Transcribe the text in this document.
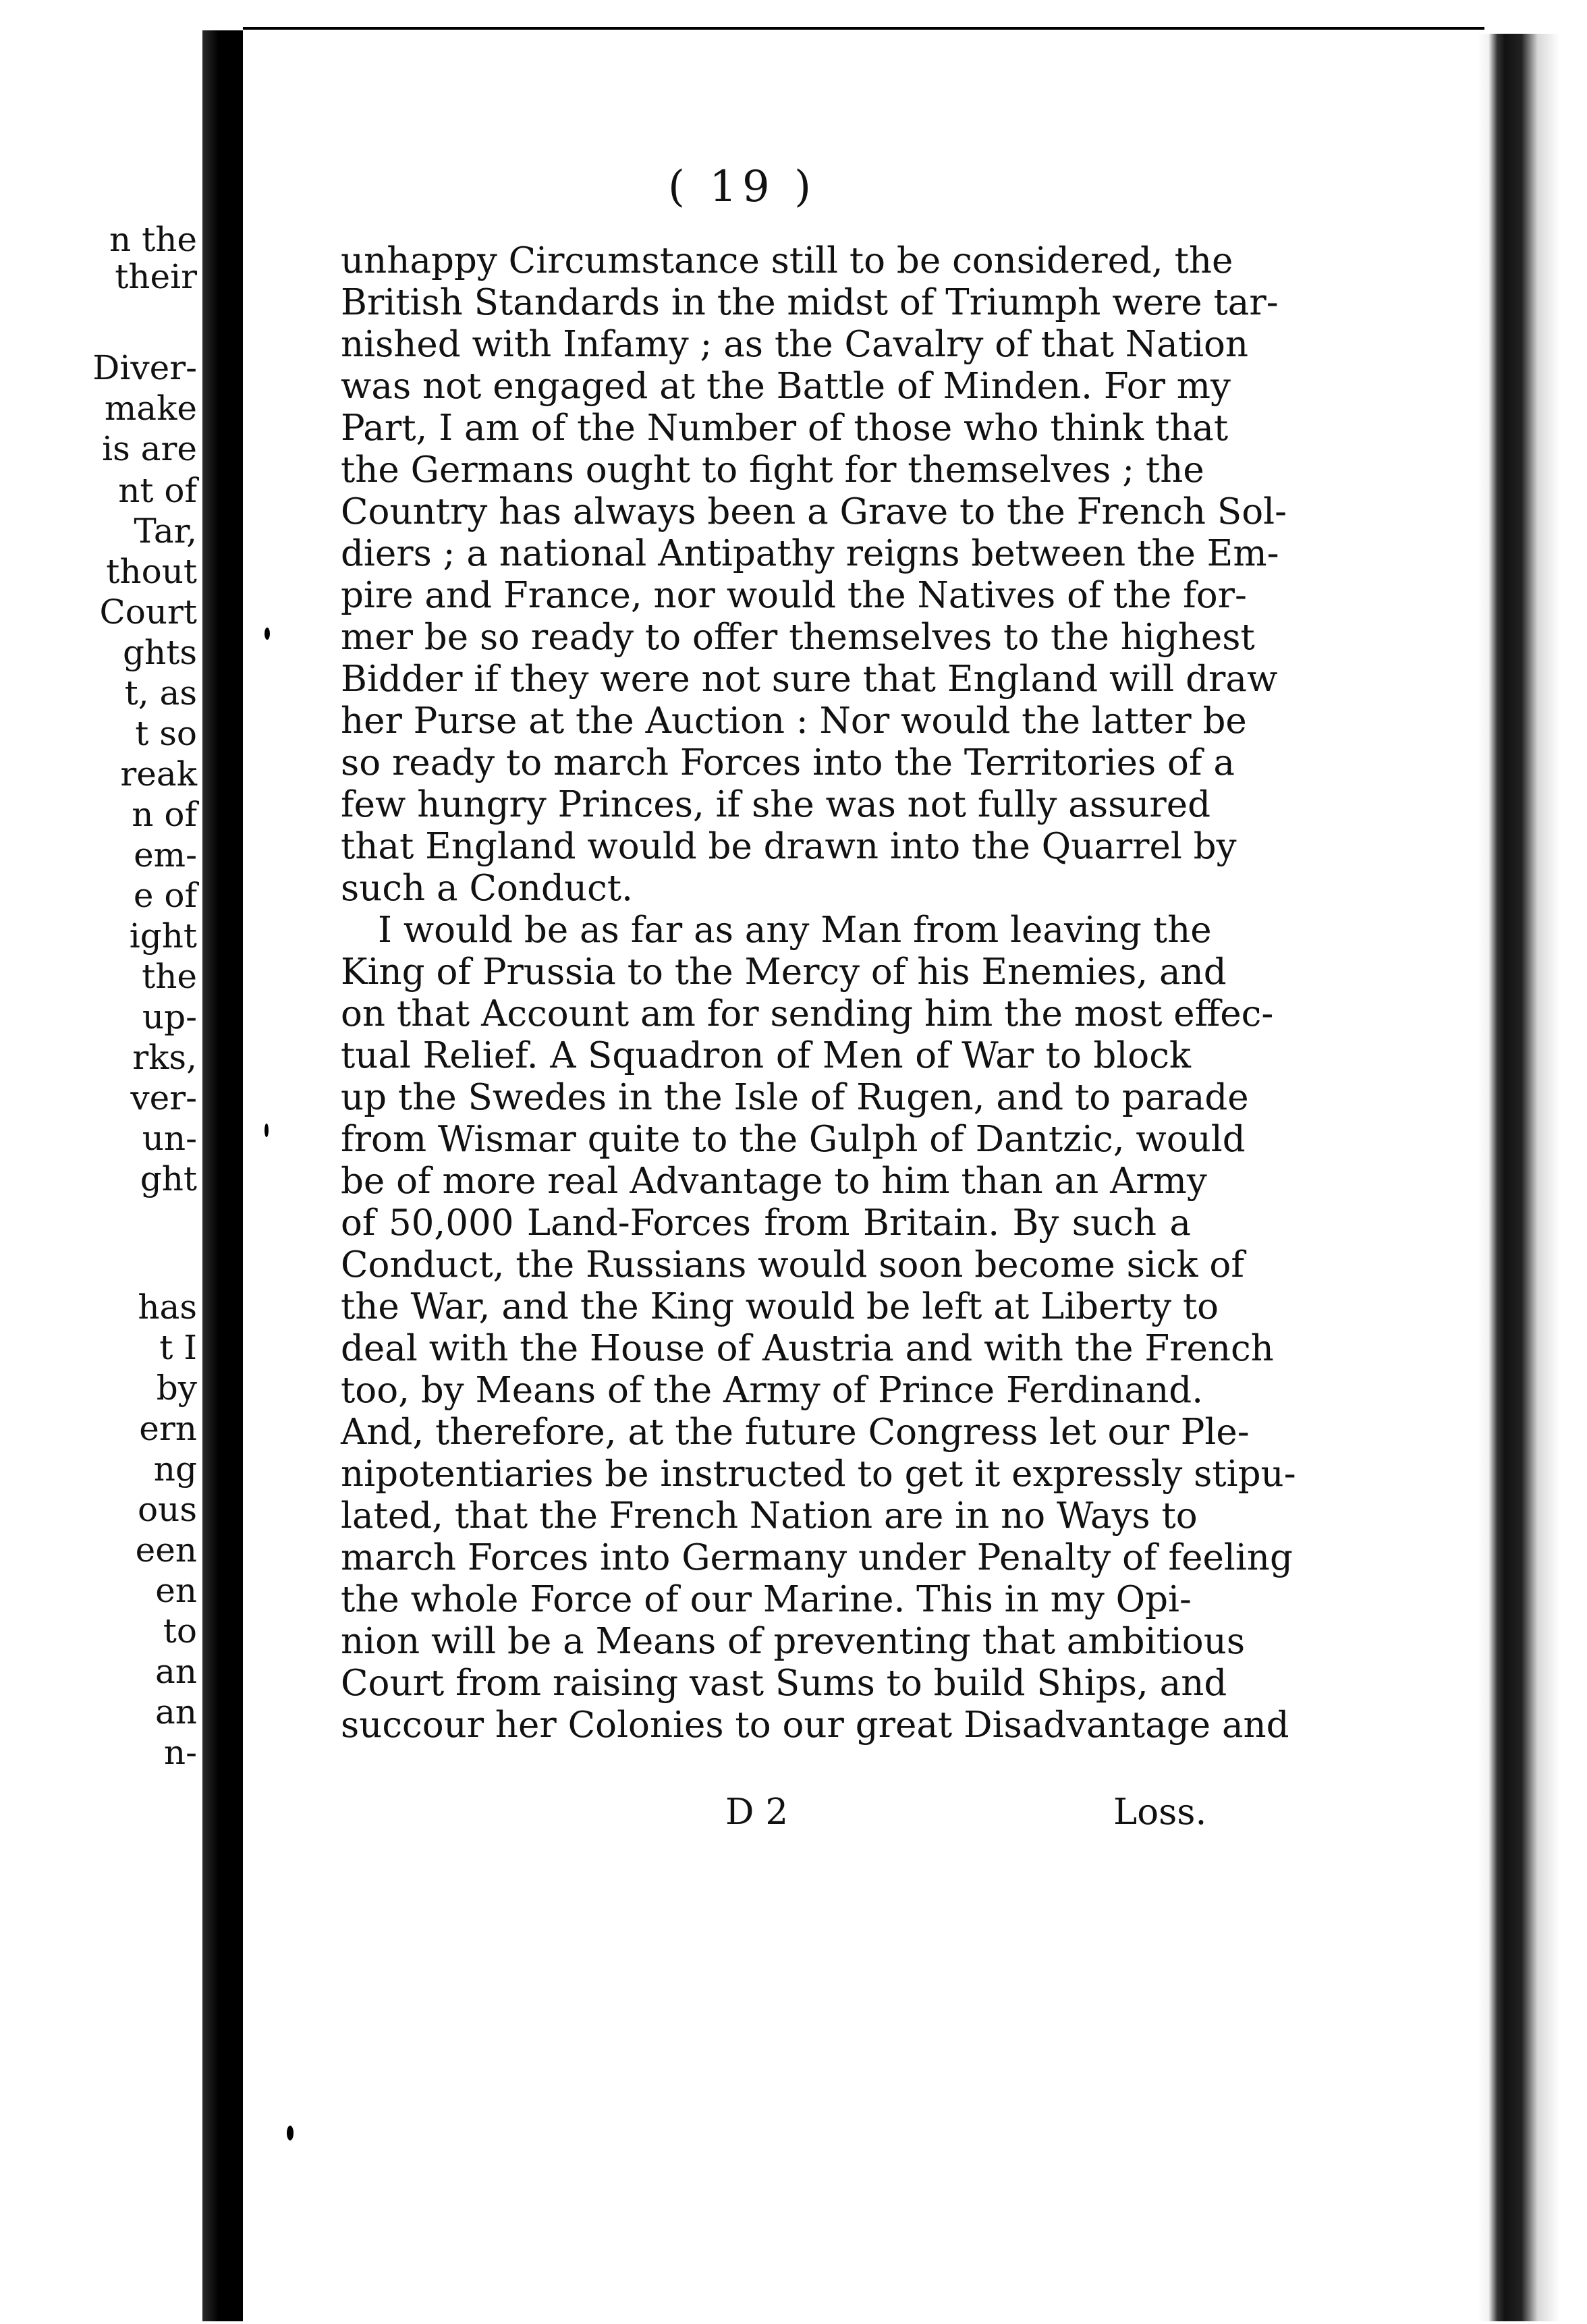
n the
their
Diver-
make
is are
nt of
Tar,
thout
Court
ghts
t, as
t so
reak
n of
em-
e of
ight
the
up-
rks,
ver-
un-
ght
has
t I
by
ern
ng
ous
een
en
to
an
an
n-
( 19 )
unhappy Circumstance still to be considered, the
British Standards in the midst of Triumph were tar-
nished with Infamy ; as the Cavalry of that Nation
was not engaged at the Battle of Minden. For my
Part, I am of the Number of those who think that
the Germans ought to fight for themselves ; the
Country has always been a Grave to the French Sol-
diers ; a national Antipathy reigns between the Em-
pire and France, nor would the Natives of the for-
mer be so ready to offer themselves to the highest
Bidder if they were not sure that England will draw
her Purse at the Auction : Nor would the latter be
so ready to march Forces into the Territories of a
few hungry Princes, if she was not fully assured
that England would be drawn into the Quarrel by
such a Conduct.
I would be as far as any Man from leaving the
King of Prussia to the Mercy of his Enemies, and
on that Account am for sending him the most effec-
tual Relief. A Squadron of Men of War to block
up the Swedes in the Isle of Rugen, and to parade
from Wismar quite to the Gulph of Dantzic, would
be of more real Advantage to him than an Army
of 50,000 Land-Forces from Britain. By such a
Conduct, the Russians would soon become sick of
the War, and the King would be left at Liberty to
deal with the House of Austria and with the French
too, by Means of the Army of Prince Ferdinand.
And, therefore, at the future Congress let our Ple-
nipotentiaries be instructed to get it expressly stipu-
lated, that the French Nation are in no Ways to
march Forces into Germany under Penalty of feeling
the whole Force of our Marine. This in my Opi-
nion will be a Means of preventing that ambitious
Court from raising vast Sums to build Ships, and
succour her Colonies to our great Disadvantage and
D 2	Loss.
